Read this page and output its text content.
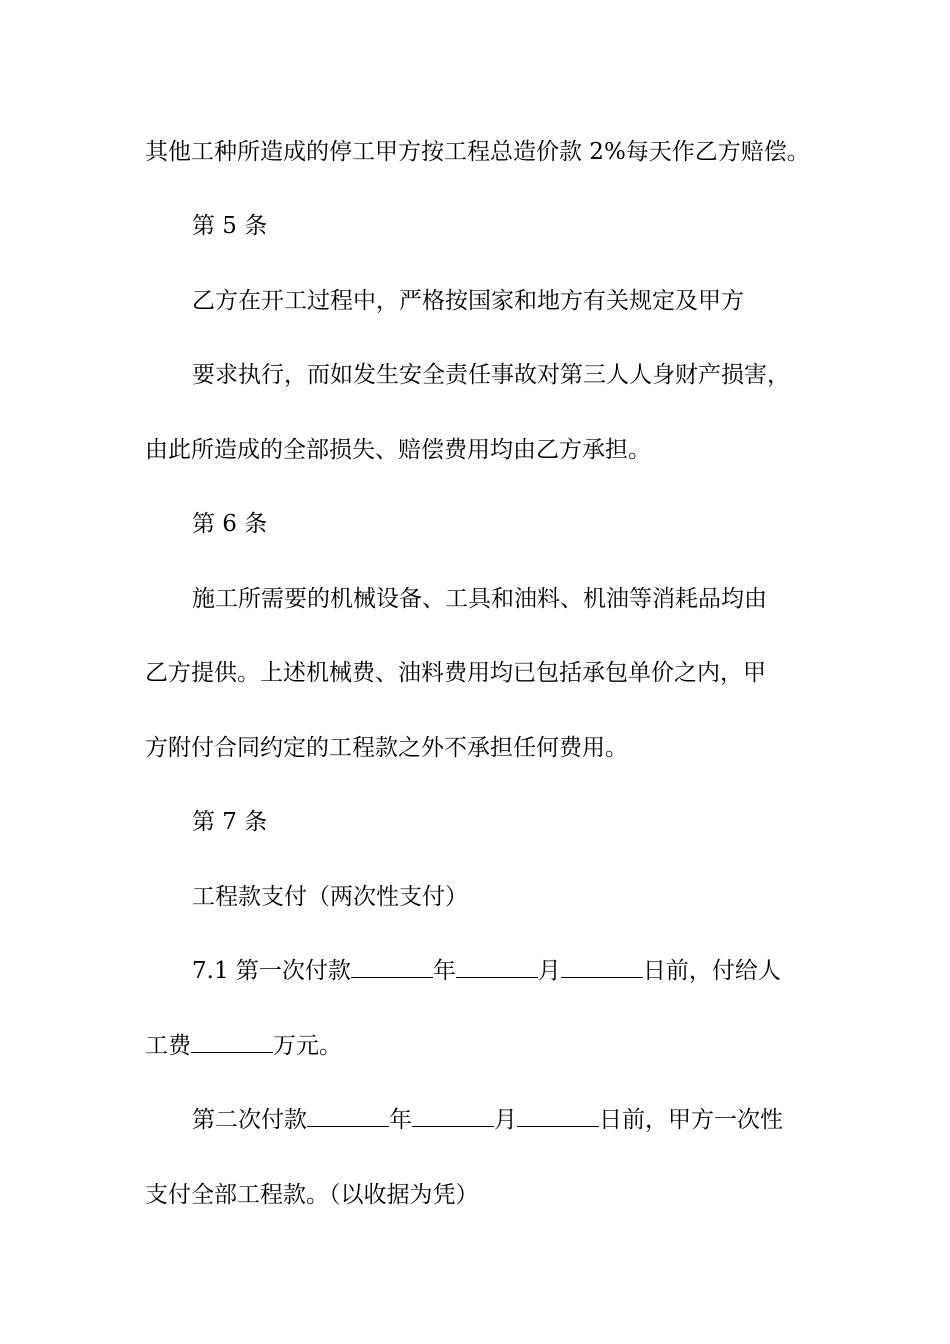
其他工种所造成的停工甲方按工程总造价款 2%每天作乙方赔偿。
第 5 条
乙方在开工过程中，严格按国家和地方有关规定及甲方
要求执行，而如发生安全责任事故对第三人人身财产损害，
由此所造成的全部损失、赔偿费用均由乙方承担。
第 6 条
施工所需要的机械设备、工具和油料、机油等消耗品均由
乙方提供。上述机械费、油料费用均已包括承包单价之内，甲
方附付合同约定的工程款之外不承担任何费用。
第 7 条
工程款支付（两次性支付）
7.1 第一次付款	年	月	日前，付给人
工费	万元。
第二次付款	年	月	日前，甲方一次性
支付全部工程款。（以收据为凭）
